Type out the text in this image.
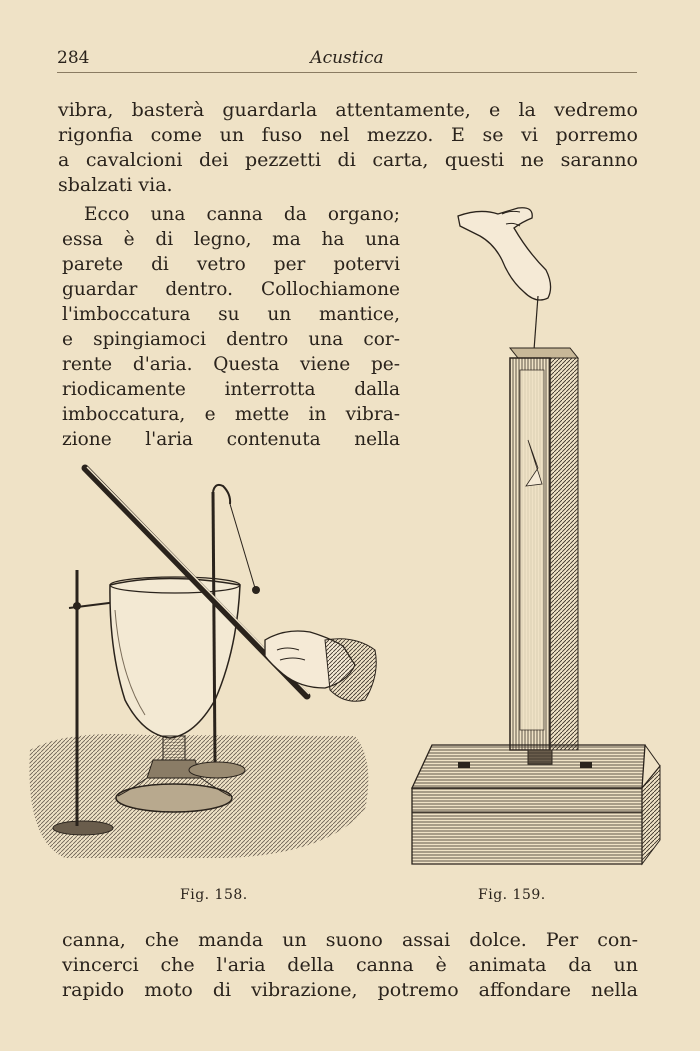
284	Acustica
vibra, basterà guardarla attentamente, e la vedremo
rigonfia come un fuso nel mezzo. E se vi porremo
a cavalcioni dei pezzetti di carta, questi ne saranno
sbalzati via.
Ecco una canna da organo;
essa è di legno, ma ha una
parete di vetro per potervi
guardar dentro. Collochiamone
l'imboccatura su un mantice,
e spingiamoci dentro una cor-
rente d'aria. Questa viene pe-
riodicamente interrotta dalla
imboccatura, e mette in vibra-
zione l'aria contenuta nella
Fig. 158.	Fig. 159.
canna, che manda un suono assai dolce. Per con-
vincerci che l'aria della canna è animata da un
rapido moto di vibrazione, potremo affondare nella
